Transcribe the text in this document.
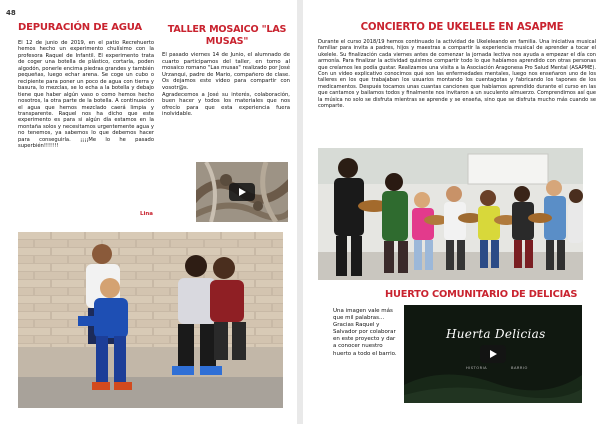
48
DEPURACIÓN DE AGUA

El 12 de junio de 2019, en el patio Recrehuerto hemos hecho un experimento chulísimo con la profesora Raquel de Infantil. El experimento trata de coger una botella de plástico, cortarla, poden algodón, ponerle encima piedras grandes y también pequeñas, luego echar arena. Se coge un cubo o recipiente para poner un poco de agua con tierra y basura, lo mezclas, se lo echa a la botella y debajo tiene que haber algún vaso o como hemos hecho nosotros, la otra parte de la botella. A continuación el agua que hemos mezclado caerá limpia y transparente. Raquel nos ha dicho que este experimento es para si algún día estamos en la montaña solos y necesitamos urgentemente agua y no tenemos, ya sabemos lo que debemos hacer para conseguirla. ¡¡¡¡Me lo he pasado superbién!!!!!!!

Lina
TALLER MOSAICO "LAS
MUSAS"

El pasado viernes 14 de Junio, el alumnado de cuarto participamos del taller, en torno al mosaico romano "Las musas" realizado por José Urzanqui, padre de Mario, compañero de clase. Os dejamos este video para compartir con vosotr@s.

Agradecemos a José su interés, colaboración, buen hacer y todos los materiales que nos ofrecío para que esta experiencia fuera inolvidable.

CONCIERTO DE UKELELE EN ASAPME

Durante el curso 2018/19 hemos continuado la actividad de Ukeleleando en familia. Una iniciativa musical familiar para invita a padres, hijos y maestras a compartir la experiencia musical de aprender a tocar el ukelele. Su finalización cada viernes antes de comenzar la jornada lectiva nos ayuda a empezar el día con armonía. Para finalizar la actividad quisimos compartir todo lo que habíamos aprendido con otras personas que creíamos les podía gustar. Realizamos una visita a la Asociación Aragonesa Pro Salud Mental (ASAPME). Con un video explicativo conocimos qué son las enfermedades mentales, luego nos enseñaron uno de los talleres en los que trabajaban los usuarios montando los cuentagotas y fabricando los tapones de los medicamentos. Después tocamos unas cuantas canciones que habíamos aprendido durante el curso en las que cantamos y bailamos todos y finalmente nos invitaron a un suculento almuerzo. Comprendimos así que la música no solo se disfruta mientras se aprende y se enseña, sino que se disfruta mucho más cuando se comparte.

HUERTO COMUNITARIO DE DELICIAS

Una imagen vale más que mil palabras... Gracias Raquel y Salvador por colaborar en este proyecto y dar a conocer nuestro huerto a todo el barrio.

Huerta Delicias
HISTORIA	BARRIO
